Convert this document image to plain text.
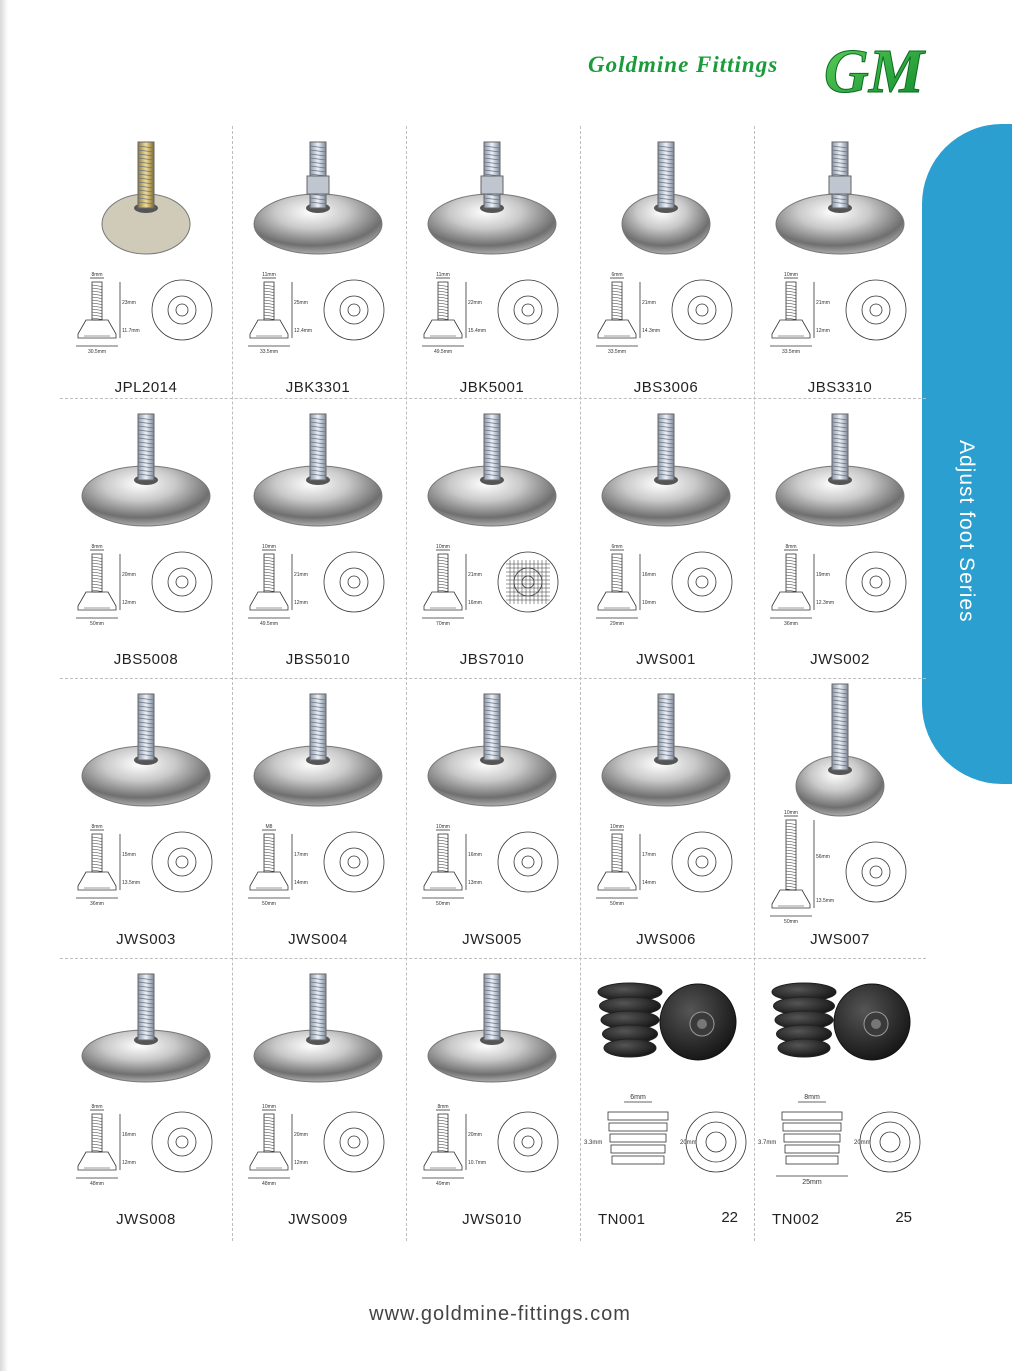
Goldmine Fittings GM
Adjust foot Series
8mm
23mm
11.7mm
30.5mm
JPL2014
11mm
25mm
12.4mm
33.5mm
JBK3301
11mm
22mm
15.4mm
49.5mm
JBK5001
6mm
21mm
14.3mm
33.5mm
JBS3006
10mm
21mm
12mm
33.5mm
JBS3310
8mm
20mm
12mm
50mm
JBS5008
10mm
21mm
12mm
49.5mm
JBS5010
10mm
21mm
16mm
70mm
JBS7010
6mm
16mm
10mm
29mm
JWS001
8mm
19mm
12.3mm
36mm
JWS002
8mm
15mm
13.5mm
36mm
JWS003
M8
17mm
14mm
50mm
JWS004
10mm
16mm
13mm
50mm
JWS005
10mm
17mm
14mm
50mm
JWS006
10mm
56mm
13.5mm
50mm
JWS007
8mm
16mm
12mm
48mm
JWS008
10mm
20mm
12mm
48mm
JWS009
8mm
20mm
10.7mm
49mm
JWS010
6mm
20mm
3.3mm
TN001	22
8mm
20mm
3.7mm
25mm
TN002	25
www.goldmine-fittings.com
